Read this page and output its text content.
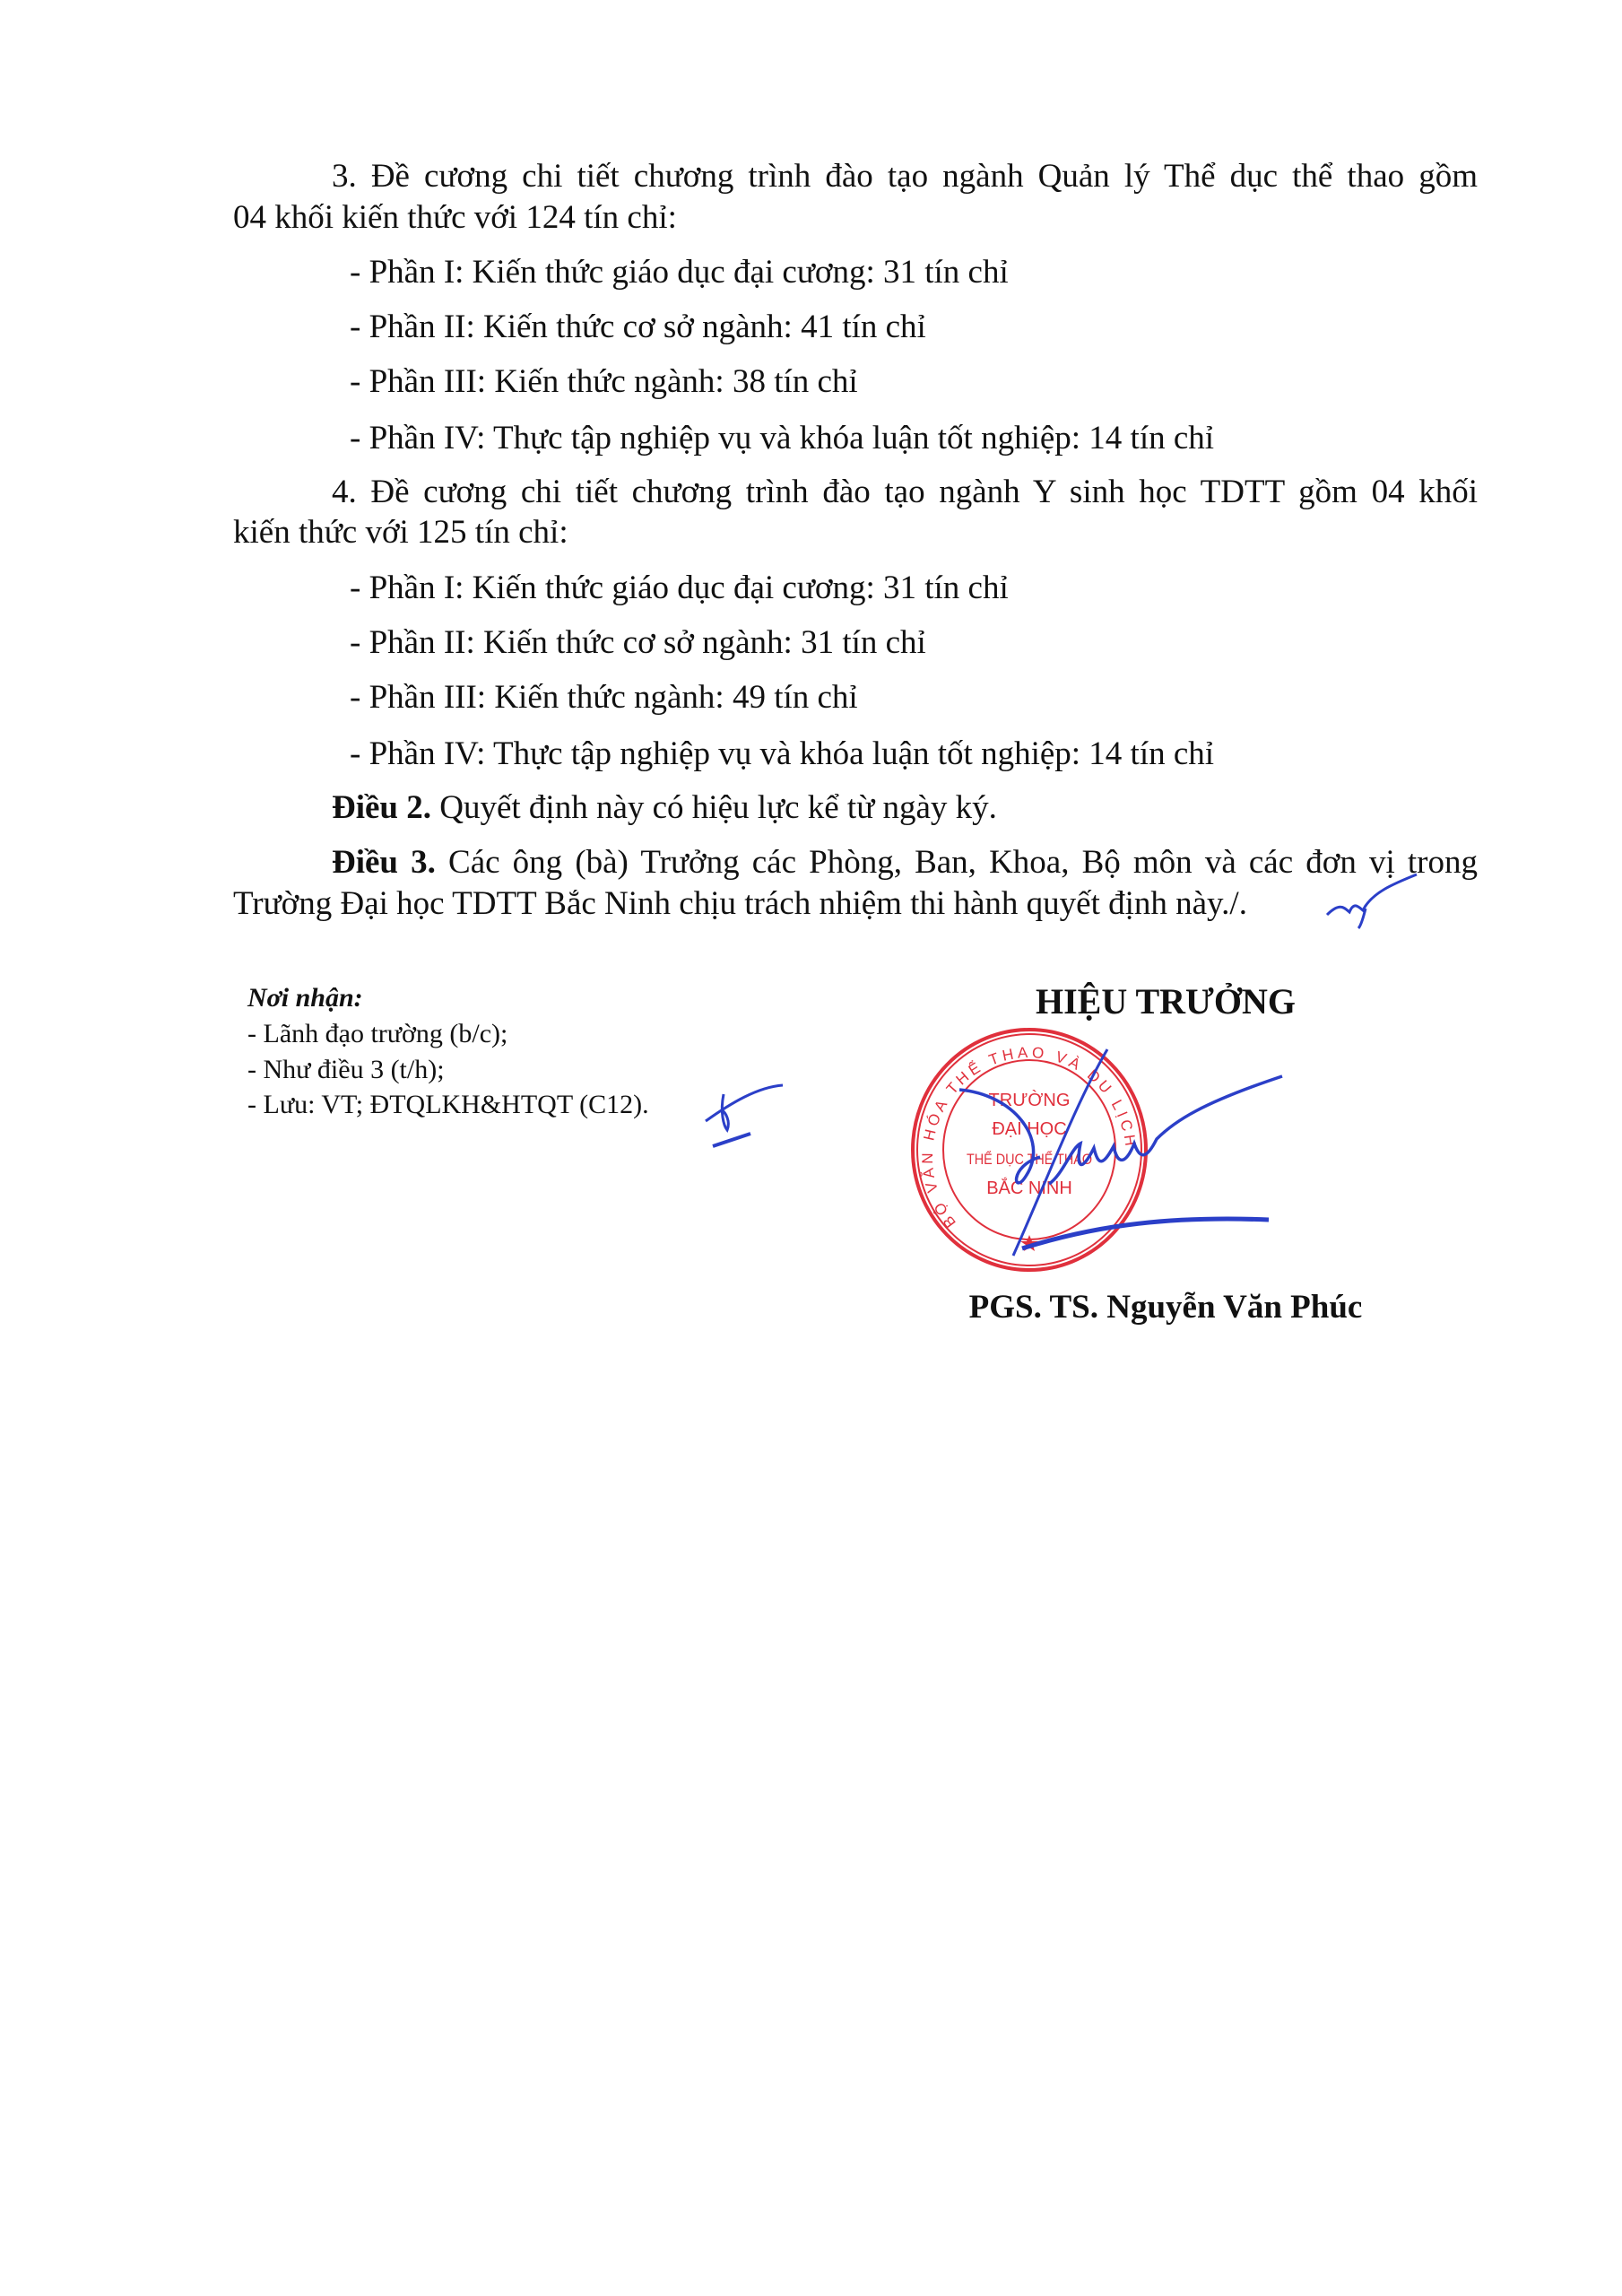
3. Đề cương chi tiết chương trình đào tạo ngành Quản lý Thể dục thể thao gồm
04 khối kiến thức với 124 tín chỉ:
- Phần I: Kiến thức giáo dục đại cương: 31 tín chỉ
- Phần II: Kiến thức cơ sở ngành: 41 tín chỉ
- Phần III: Kiến thức ngành: 38 tín chỉ
- Phần IV: Thực tập nghiệp vụ và khóa luận tốt nghiệp: 14 tín chỉ
4. Đề cương chi tiết chương trình đào tạo ngành Y sinh học TDTT gồm 04 khối
kiến thức với 125 tín chỉ:
- Phần I: Kiến thức giáo dục đại cương: 31 tín chỉ
- Phần II: Kiến thức cơ sở ngành: 31 tín chỉ
- Phần III: Kiến thức ngành: 49 tín chỉ
- Phần IV: Thực tập nghiệp vụ và khóa luận tốt nghiệp: 14 tín chỉ
Điều 2. Quyết định này có hiệu lực kể từ ngày ký.
Điều 3. Các ông (bà) Trưởng các Phòng, Ban, Khoa, Bộ môn và các đơn vị trong
Trường Đại học TDTT Bắc Ninh chịu trách nhiệm thi hành quyết định này./.
Nơi nhận:
- Lãnh đạo trường (b/c);
- Như điều 3 (t/h);
- Lưu: VT; ĐTQLKH&HTQT (C12).
HIỆU TRƯỞNG
BỘ VĂN HÓA THỂ THAO VÀ DU LỊCH
TRƯỜNG
ĐẠI HỌC
THỂ DỤC THỂ THAO
BẮC NINH
PGS. TS. Nguyễn Văn Phúc
